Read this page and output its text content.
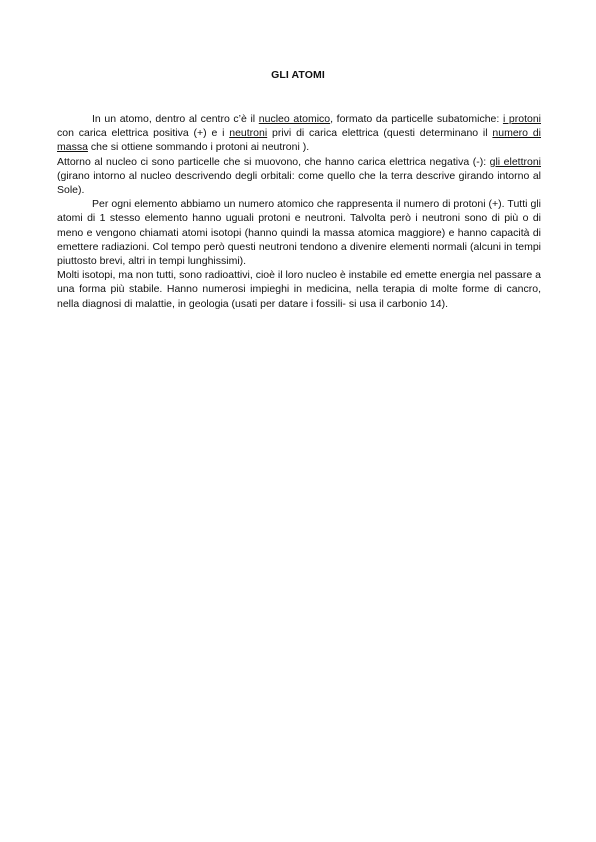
GLI ATOMI

In un atomo, dentro al centro c’è il nucleo atomico, formato da particelle subatomiche: i protoni con carica elettrica positiva (+) e i neutroni privi di carica elettrica (questi determinano il numero di massa che si ottiene sommando i protoni ai neutroni ).

Attorno al nucleo ci sono particelle che si muovono, che hanno carica elettrica negativa (-): gli elettroni (girano intorno al nucleo descrivendo degli orbitali: come quello che la terra descrive girando intorno al Sole).

Per ogni elemento abbiamo un numero atomico che rappresenta il numero di protoni (+). Tutti gli atomi di 1 stesso elemento hanno uguali protoni e neutroni. Talvolta però i neutroni sono di più o di meno e vengono chiamati atomi isotopi (hanno quindi la massa atomica maggiore) e hanno capacità di emettere radiazioni. Col tempo però questi neutroni tendono a divenire elementi normali (alcuni in tempi piuttosto brevi, altri in tempi lunghissimi).

Molti isotopi, ma non tutti, sono radioattivi, cioè il loro nucleo è instabile ed emette energia nel passare a una forma più stabile. Hanno numerosi impieghi in medicina, nella terapia di molte forme di cancro, nella diagnosi di malattie, in geologia (usati per datare i fossili- si usa il carbonio 14).
